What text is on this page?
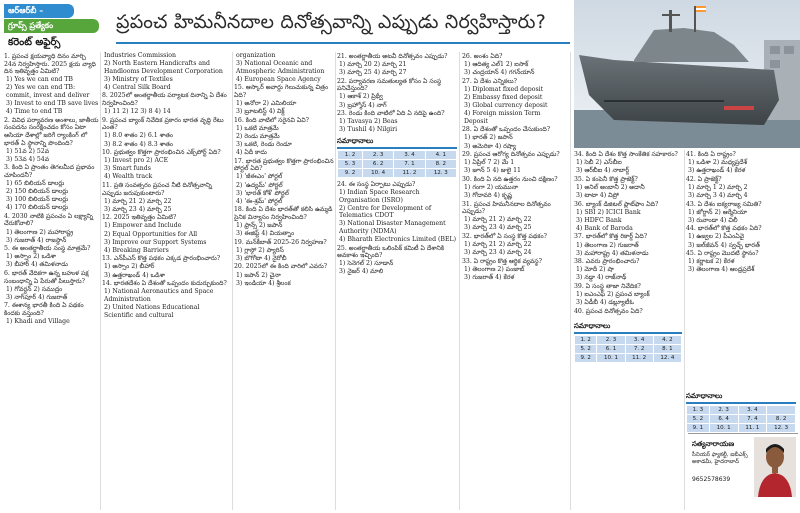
ఆర్‌ఆర్‌బీ –
గ్రూప్స్ ప్రత్యేకం
కరెంట్ అఫైర్స్
ప్రపంచ హిమనీనదాల దినోత్సవాన్ని ఎప్పుడు నిర్వహిస్తారు?

1. ప్రపంచ క్షయవ్యాధి దినం మార్చి 24న నిర్వహిస్తారు. 2025 క్షయ వ్యాధి దిన ఇతివృత్తం ఏమిటి?

1) Yes we can end TB

2) Yes we can end TB: commit, invest and deliver

3) Invest to end TB save lives

4) Time to end TB

2. వివిధ పర్యావరణ అంశాలు, జాతీయ సంపదను సంరక్షించడం కోసం ఏటా ఆసియా దేశాల్లో జరిగే ర్యాంకింగ్ లో భారత్ ఏ స్థానాన్ని పొందింది?

1) 51వ 2) 52వ

3) 53వ 4) 54వ

3. కింది ఏ ప్రాంతం తెగలమీద ప్రభావం చూపిందనీ?

1) 65 బిలియన్ డాలర్లు

2) 150 బిలియన్ డాలర్లు

3) 100 బిలియన్ డాలర్లు

4) 170 బిలియన్ డాలర్లు

4. 2030 నాటికి ప్రపంచం ఏ లక్ష్యాన్ని చేరుకోవాలి?

1) తెలంగాణ 2) మహారాష్ట్ర

3) గుజరాత్ 4) రాజస్థాన్

5. ఈ అంతర్జాతీయ సంస్థ మాత్రమే?

1) అస్సాం 2) ఒడిశా

3) బీహార్ 4) తమిళనాడు

6. భారత్ వేదికగా ఉన్న బహుళ పక్ష సంబంధాన్ని ఏ పేరుతో పిలుస్తారు?

1) గోవర్ధన్ 2) సముద్రం

3) నాగ్‌పూర్ 4) గుజరాత్

7. ఈశాన్య భారతీ కింది ఏ పథకం కిందకు వస్తుంది?

1) Khadi and Village

Industries Commission

2) North Eastern Handicrafts and Handlooms Development Corporation

3) Ministry of Textiles

4) Central Silk Board

8. 2025లో అంతర్జాతీయ పర్యాటక దినాన్ని ఏ దేశం నిర్వహించింది?

1) 11 2) 12 3) 8 4) 14

9. ప్రపంచ బ్యాంక్ నివేదిక ప్రకారం భారత వృద్ధి రేటు ఎంత?

1) 8.0 శాతం 2) 6.1 శాతం

3) 8.2 శాతం 4) 8.3 శాతం

10. ప్రభుత్వం కొత్తగా ప్రారంభించిన ఎక్స్‌పోర్ట్ ఏది?

1) Invest pro 2) ACE

3) Smart funds

4) Wealth track

11. ప్రతి సంవత్సరం ప్రపంచ నీటి దినోత్సవాన్ని ఎప్పుడు జరుపుకుంటారు?

1) మార్చి 21 2) మార్చి 22

3) మార్చి 23 4) మార్చి 25

12. 2025 ఇతివృత్తం ఏమిటి?

1) Empower and Include

2) Equal Opportunities for All

3) Improve our Support Systems

4) Breaking Barriers

13. ఎన్‌పీఎస్ కొత్త పథకం ఎక్కడ ప్రారంభించారు?

1) అస్సాం 2) బీహార్

3) ఉత్తరాఖండ్ 4) ఒడిశా

14. భారతదేశం ఏ దేశంతో ఒప్పందం కుదుర్చుకుంది?

1) National Aeronautics and Space Administration

2) United Nations Educational Scientific and cultural

organization

3) National Oceanic and Atmospheric Administration

4) European Space Agency

15. ఆస్కార్ అవార్డు గెలుచుకున్న చిత్రం ఏది?

1) అనోరా 2) ఎమిలియా

3) బ్రూటలిస్ట్ 4) విక్డ్

16. కింది వాటిలో సరైనవి ఏవి?

1) ఒకటి మాత్రమే

2) రెండు మాత్రమే

3) ఒకటి, రెండు రెండూ

4) ఏదీ కాదు

17. భారత ప్రభుత్వం కొత్తగా ప్రారంభించిన పోర్టల్ ఏది?

1) 'జీఈఎం' పోర్టల్

2) 'ఉద్యమ్' పోర్టల్

3) 'భారత్ కోశ్' పోర్టల్

4) 'ఈ-శ్రమ్' పోర్టల్

18. కింది ఏ దేశం భారత్‌తో కలిసి ఉమ్మడి సైనిక విన్యాసం నిర్వహించింది?

1) ఫ్రాన్స్ 2) జపాన్

3) ఈజిప్ట్ 4) వియత్నాం

19. మన్‌కీబాత్ 2025-26 నిర్వహణ?

1) గ్లాస్గో 2) ప్యారిస్

3) బొగోటా 4) నైరోబీ

20. 2025లో ఈ కింది వారిలో ఎవరు?

1) జపాన్ 2) చైనా

3) ఇండియా 4) శ్రీలంక

21. అంతర్జాతీయ అటవీ దినోత్సవం ఎప్పుడు?

1) మార్చి 20 2) మార్చి 21

3) మార్చి 25 4) మార్చి 27

22. పర్యావరణ సమతుల్యత కోసం ఏ సంస్థ పనిచేస్తుంది?

1) ఆకాశ్ 2) ప్రిథ్వీ

3) బ్రహ్మోస్ 4) నాగ్

23. రెండు కింది వాటిలో ఏది ఏ నదిపై ఉంది?

1) Tavasya 2) Beas

3) Tushil 4) Nilgiri

సమాధానాలు
1. 2	2. 3	3. 4	4. 1
5. 3	6. 2	7. 1	8. 2
9. 2	10. 4	11. 2	12. 3

24. ఈ సంస్థ ఏర్పాటు ఎప్పుడు?

1) Indian Space Research Organisation (ISRO)

2) Centre for Development of Telematics CDOT

3) National Disaster Management Authority (NDMA)

4) Bharath Electronics Limited (BEL)

25. అంతర్జాతీయ ఒలింపిక్ కమిటీ ఏ దేశానికి అవకాశం ఇచ్చింది?

1) సెనెగల్ 2) సూడాన్

3) నైజర్ 4) మాలి

26. అంశం ఏది?

1) ఆదిత్య ఎల్1 2) ఐసాక్

3) చంద్రయాన్ 4) గగన్‌యాన్

27. ఏ దేశం ఎన్నికలు?

1) Diplomat fixed deposit

2) Embassy fixed deposit

3) Global currency deposit

4) Foreign mission Term Deposit

28. ఏ దేశంతో ఒప్పందం చేసుకుంది?

1) భారత్ 2) జపాన్

3) అమెరికా 4) రష్యా

29. ప్రపంచ ఆరోగ్య దినోత్సవం ఎప్పుడు?

1) ఏప్రిల్ 7 2) మే 1

3) జూన్ 5 4) జులై 11

30. కింది ఏ నది ఉత్తరం నుంచి దక్షిణం?

1) గంగా 2) యమునా

3) గోదావరి 4) కృష్ణ

31. ప్రపంచ హిమనీనదాల దినోత్సవం ఎప్పుడు?

1) మార్చి 21 2) మార్చి 22

3) మార్చి 23 4) మార్చి 25

32. భారత్‌లో ఏ సంస్థ కొత్త పథకం?

1) మార్చి 21 2) మార్చి 22

3) మార్చి 23 4) మార్చి 24

33. ఏ రాష్ట్రం కొత్త ఆర్థిక వ్యవస్థ?

1) తెలంగాణ 2) పంజాబ్

3) గుజరాత్ 4) కేరళ

34. కింది ఏ దేశం కొత్త సాంకేతిక సహకారం?

1) సెబీ 2) ఎస్‌బీఐ

3) ఆర్‌బీఐ 4) నాబార్డ్

35. ఏ కంపెనీ కొత్త ప్రాజెక్ట్?

1) అనిల్ అంబానీ 2) అదానీ

3) టాటా 4) విప్రో

36. బ్యాంక్ డిజిటల్ ప్లాట్‌ఫాం ఏది?

1) SBI 2) ICICI Bank

3) HDFC Bank

4) Bank of Baroda

37. భారత్‌లో కొత్త రికార్డ్ ఏది?

1) తెలంగాణ 2) గుజరాత్

3) మహారాష్ట్ర 4) తమిళనాడు

38. ఎవరు ప్రారంభించారు?

1) మోదీ 2) షా

3) నడ్డా 4) రాజ్‌నాథ్

39. ఏ సంస్థ తాజా నివేదిక?

1) ఐఎంఎఫ్ 2) ప్రపంచ బ్యాంక్

3) ఏడీబీ 4) డబ్ల్యూటీఓ

40. ప్రపంచ దినోత్సవం ఏది?

41. కింది ఏ రాష్ట్రం?

1) ఒడిశా 2) మధ్యప్రదేశ్

3) ఉత్తరాఖండ్ 4) కేరళ

42. ఏ ప్రాజెక్ట్?

1) మార్చి 1 2) మార్చి 2

3) మార్చి 3 4) మార్చి 4

43. ఏ దేశం ఐక్యరాజ్య సమితి?

1) జోర్డాన్ 2) ఆర్మేనియా

3) రువాండా 4) చిలీ

44. భారత్‌లో కొత్త పథకం ఏది?

1) ఉజ్వల 2) పీఎంఏవై

3) జల్‌జీవన్ 4) స్వచ్ఛ్ భారత్

45. ఏ రాష్ట్రం మొదటి స్థానం?

1) కర్ణాటక 2) కేరళ

3) తెలంగాణ 4) ఆంధ్రప్రదేశ్

సమాధానాలు
1. 2	2. 3	3. 4	4. 2
5. 2	6. 1	7. 2	8. 1
9. 2	10. 1	11. 2	12. 4
సమాధానాలు
1. 3	2. 3	3. 4	
5. 2	6. 4	7. 4	8. 2
9. 1	10. 1	11. 1	12. 3
సత్యనారాయణ
సీనియర్ ఫ్యాకల్టీ, ఐబీఎక్స్ అకాడమీ, హైదరాబాద్
9652578639
